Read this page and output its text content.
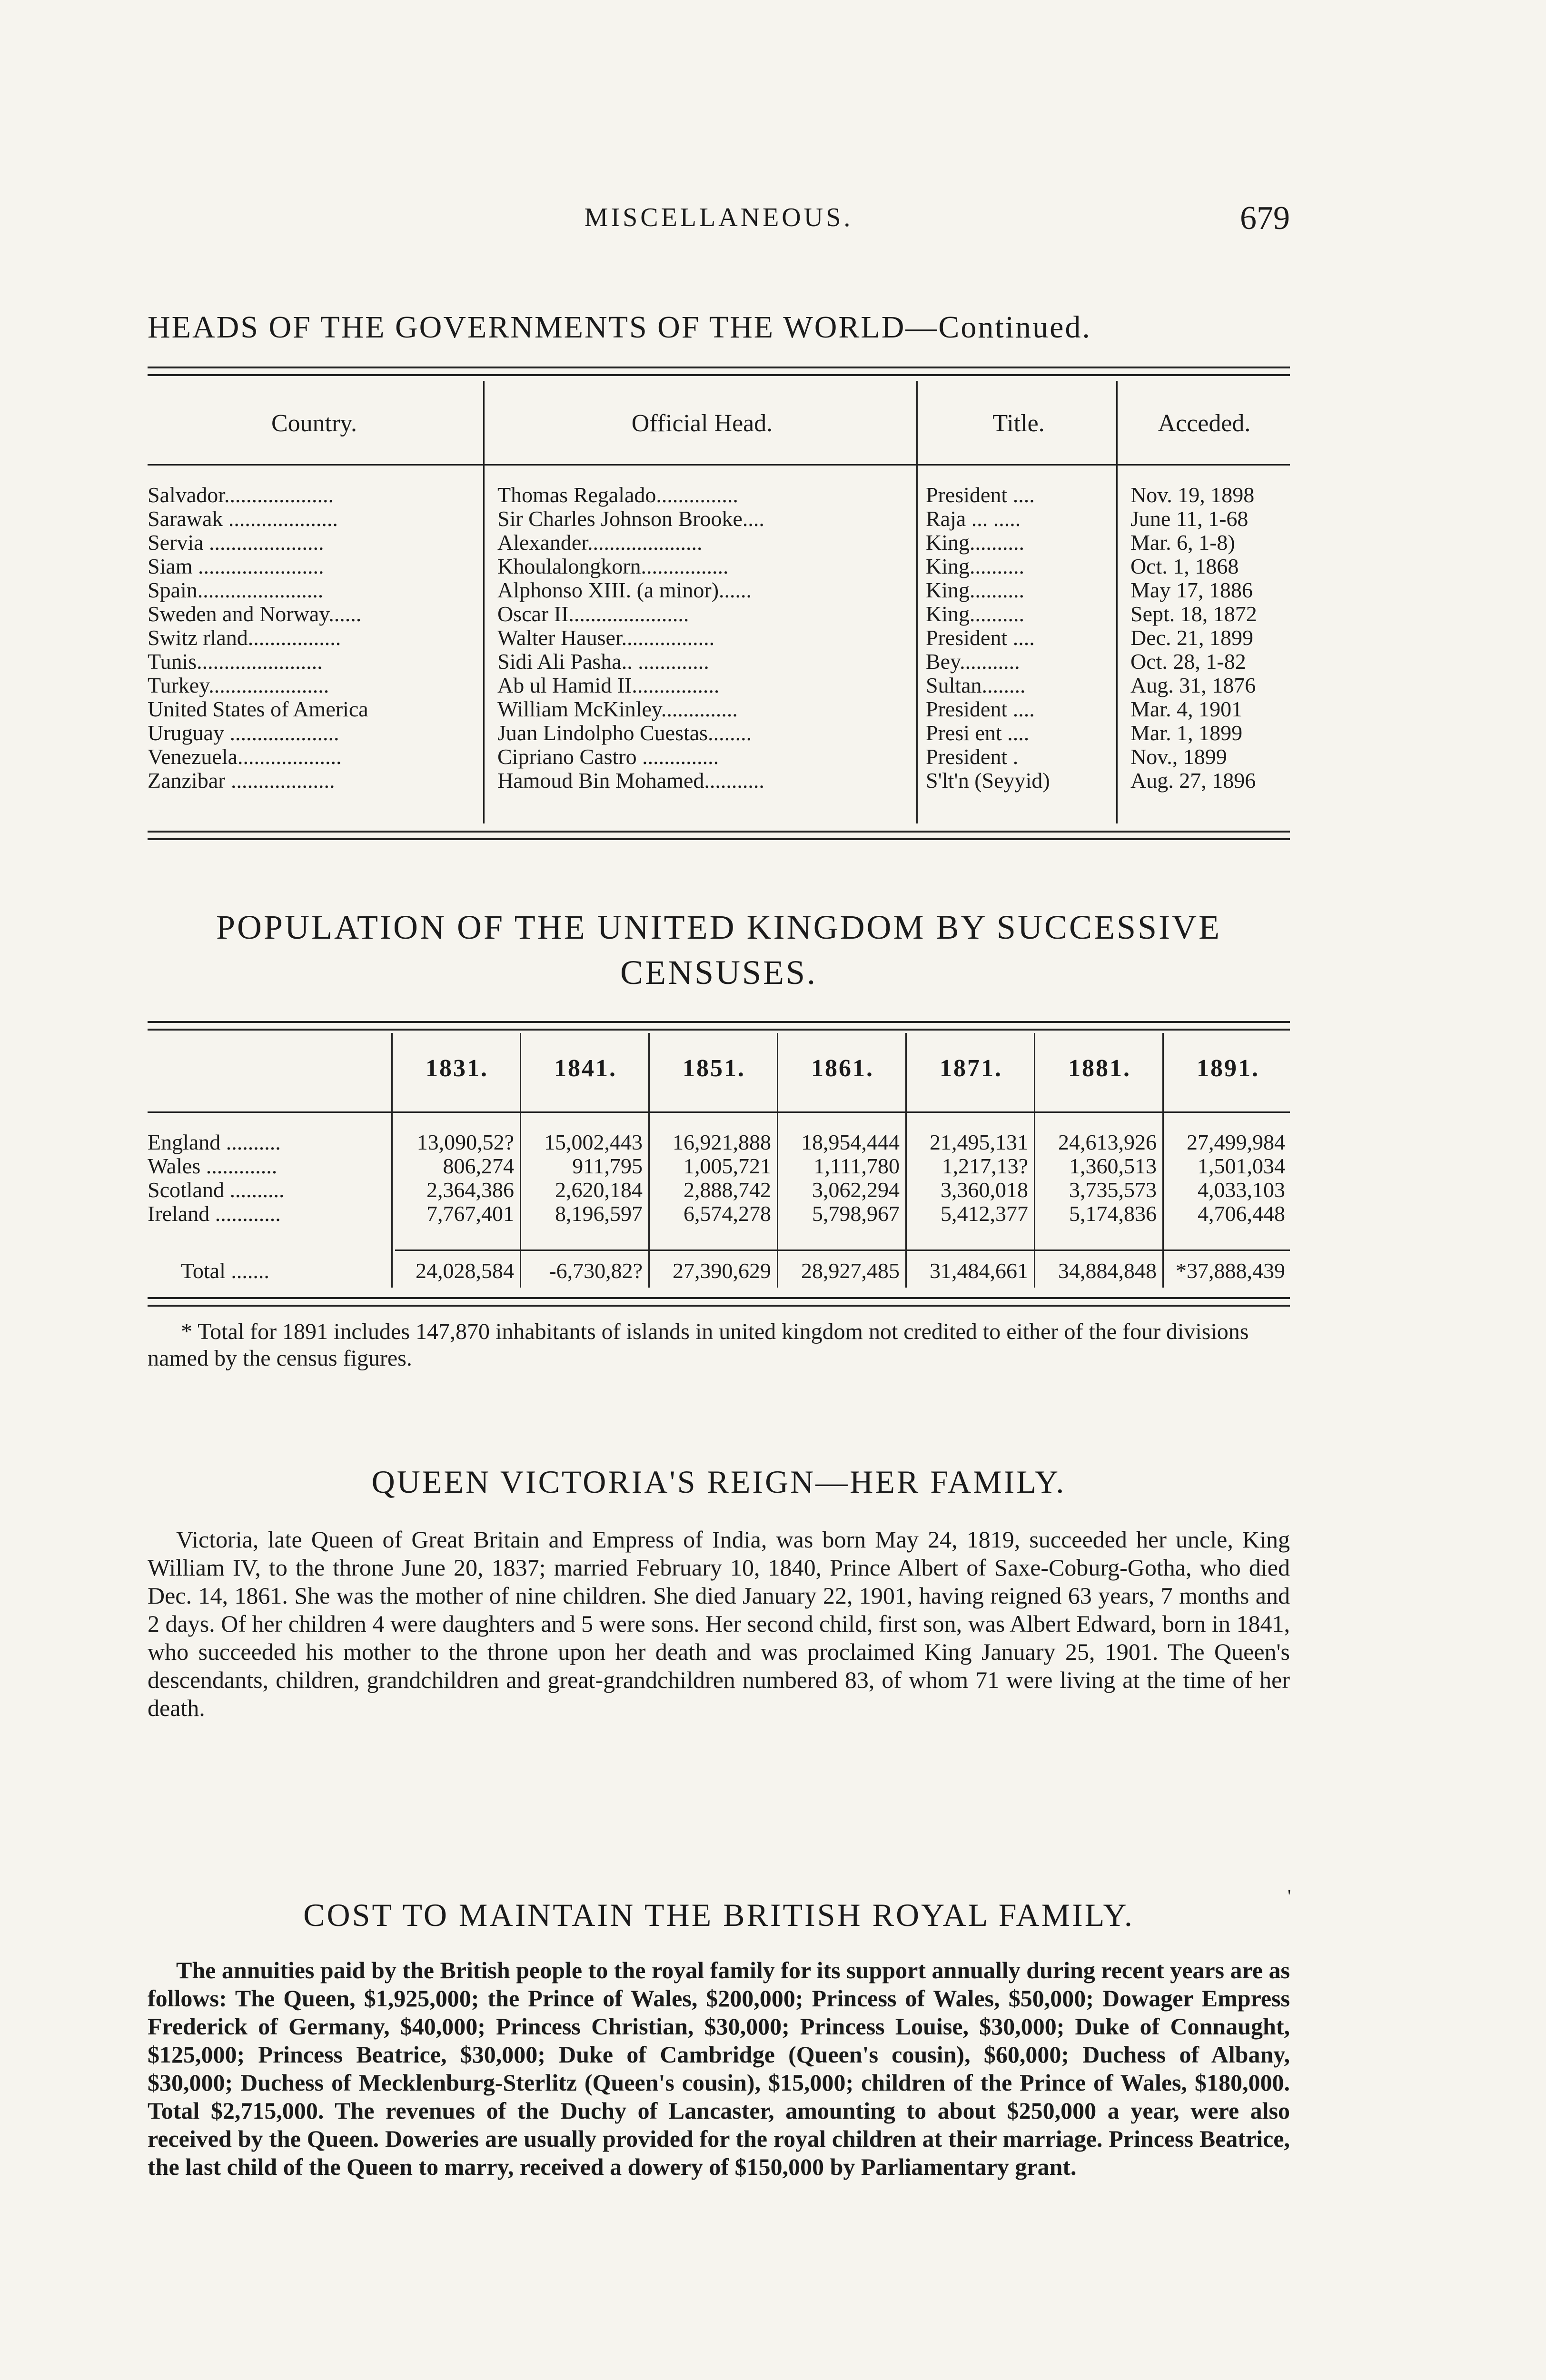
MISCELLANEOUS.	679
HEADS OF THE GOVERNMENTS OF THE WORLD—Continued.
Country.	Official Head.	Title.	Acceded.
Salvador....................	Thomas Regalado...............	President ....	Nov. 19, 1898
Sarawak ....................	Sir Charles Johnson Brooke....	Raja ... .....	June 11, 1-68
Servia .....................	Alexander.....................	King..........	Mar. 6, 1-8)
Siam .......................	Khoulalongkorn................	King..........	Oct. 1, 1868
Spain.......................	Alphonso XIII. (a minor)......	King..........	May 17, 1886
Sweden and Norway......	Oscar II......................	King..........	Sept. 18, 1872
Switz rland.................	Walter Hauser.................	President ....	Dec. 21, 1899
Tunis.......................	Sidi Ali Pasha.. .............	Bey...........	Oct. 28, 1-82
Turkey......................	Ab ul Hamid II................	Sultan........	Aug. 31, 1876
United States of America	William McKinley..............	President ....	Mar. 4, 1901
Uruguay ....................	Juan Lindolpho Cuestas........	Presi ent ....	Mar. 1, 1899
Venezuela...................	Cipriano Castro ..............	President .	Nov., 1899
Zanzibar ...................	Hamoud Bin Mohamed...........	S'lt'n (Seyyid)	Aug. 27, 1896
POPULATION OF THE UNITED KINGDOM BY SUCCESSIVE
CENSUSES.
1831.	1841.	1851.	1861.	1871.	1881.	1891.
England ..........	13,090,52?	15,002,443	16,921,888	18,954,444	21,495,131	24,613,926	27,499,984
Wales .............	806,274	911,795	1,005,721	1,111,780	1,217,13?	1,360,513	1,501,034
Scotland ..........	2,364,386	2,620,184	2,888,742	3,062,294	3,360,018	3,735,573	4,033,103
Ireland ............	7,767,401	8,196,597	6,574,278	5,798,967	5,412,377	5,174,836	4,706,448
Total .......	24,028,584	-6,730,82?	27,390,629	28,927,485	31,484,661	34,884,848 *37,888,439

* Total for 1891 includes 147,870 inhabitants of islands in united kingdom not credited to either of the four divisions named by the census figures.

QUEEN VICTORIA'S REIGN—HER FAMILY.

Victoria, late Queen of Great Britain and Empress of India, was born May 24, 1819, succeeded her uncle, King William IV, to the throne June 20, 1837; married February 10, 1840, Prince Albert of Saxe-Coburg-Gotha, who died Dec. 14, 1861. She was the mother of nine children. She died January 22, 1901, having reigned 63 years, 7 months and 2 days. Of her children 4 were daughters and 5 were sons. Her second child, first son, was Albert Edward, born in 1841, who succeeded his mother to the throne upon her death and was proclaimed King January 25, 1901. The Queen's descendants, children, grandchildren and great-grandchildren numbered 83, of whom 71 were living at the time of her death.

COST TO MAINTAIN THE BRITISH ROYAL FAMILY.
'

The annuities paid by the British people to the royal family for its support annually during recent years are as follows: The Queen, $1,925,000; the Prince of Wales, $200,000; Princess of Wales, $50,000; Dowager Empress Frederick of Germany, $40,000; Princess Christian, $30,000; Princess Louise, $30,000; Duke of Connaught, $125,000; Princess Beatrice, $30,000; Duke of Cambridge (Queen's cousin), $60,000; Duchess of Albany, $30,000; Duchess of Mecklenburg-Sterlitz (Queen's cousin), $15,000; children of the Prince of Wales, $180,000. Total $2,715,000. The revenues of the Duchy of Lancaster, amounting to about $250,000 a year, were also received by the Queen. Doweries are usually provided for the royal children at their marriage. Princess Beatrice, the last child of the Queen to marry, received a dowery of $150,000 by Parliamentary grant.
